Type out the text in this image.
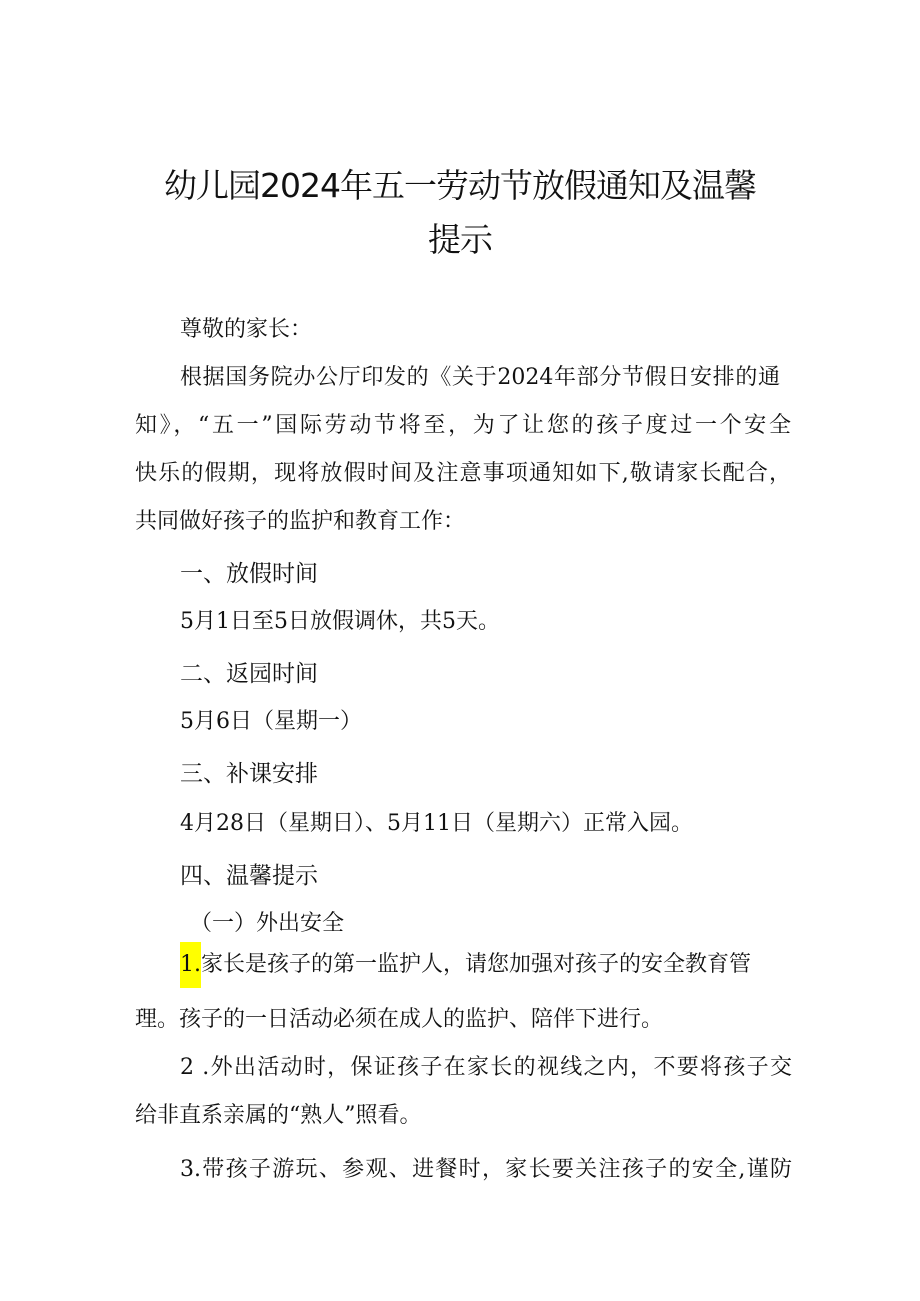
幼儿园2024年五一劳动节放假通知及温馨
提示
尊敬的家长：
根据国务院办公厅印发的《关于2024年部分节假日安排的通
知》，“五一”国际劳动节将至，为了让您的孩子度过一个安全
快乐的假期，现将放假时间及注意事项通知如下,敬请家长配合，
共同做好孩子的监护和教育工作：
一、放假时间
5月1日至5日放假调休，共5天。
二、返园时间
5月6日（星期一）
三、补课安排
4月28日（星期日）、5月11日（星期六）正常入园。
四、温馨提示
（一）外出安全
1.家长是孩子的第一监护人，请您加强对孩子的安全教育管
理。孩子的一日活动必须在成人的监护、陪伴下进行。
2 .外出活动时，保证孩子在家长的视线之内，不要将孩子交
给非直系亲属的“熟人”照看。
3.带孩子游玩、参观、进餐时，家长要关注孩子的安全,谨防
